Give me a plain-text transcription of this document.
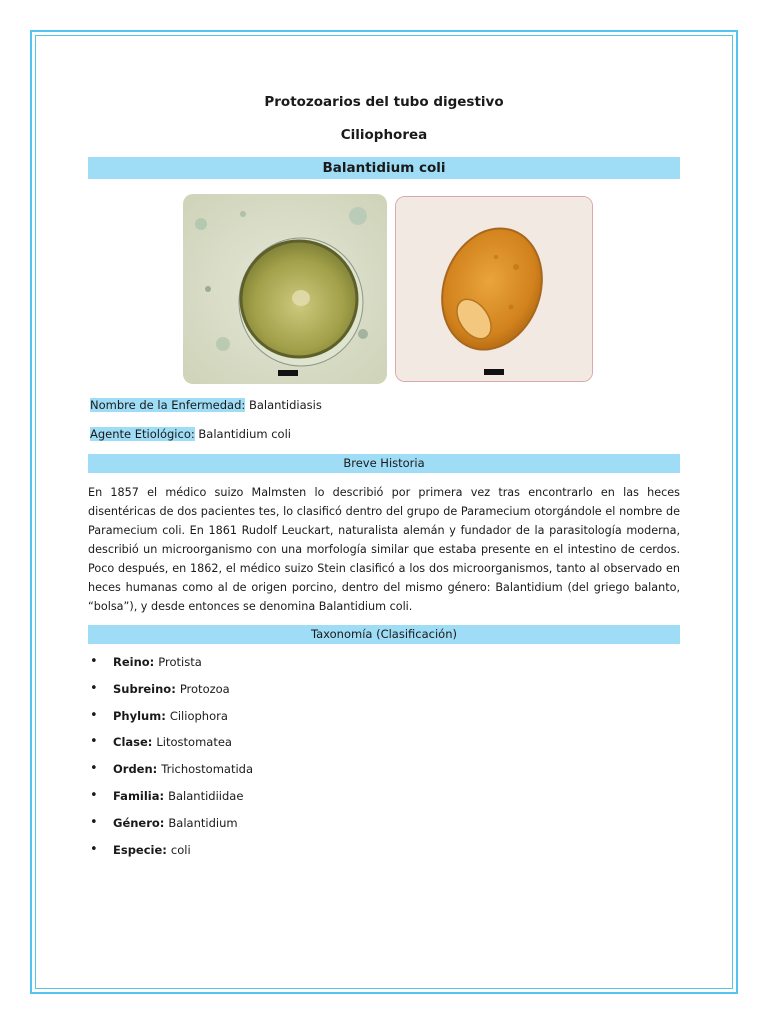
Protozoarios del tubo digestivo
Ciliophorea
Balantidium coli
Nombre de la Enfermedad: Balantidiasis
Agente Etiológico: Balantidium coli
Breve Historia

En 1857 el médico suizo Malmsten lo describió por primera vez tras encontrarlo en las heces disentéricas de dos pacientes tes, lo clasificó dentro del grupo de Paramecium otorgándole el nombre de Paramecium coli. En 1861 Rudolf Leuckart, naturalista alemán y fundador de la parasitología moderna, describió un microorganismo con una morfología similar que estaba presente en el intestino de cerdos. Poco después, en 1862, el médico suizo Stein clasificó a los dos microorganismos, tanto al observado en heces humanas como al de origen porcino, dentro del mismo género: Balantidium (del griego balanto, “bolsa”), y desde entonces se denomina Balantidium coli.

Taxonomía (Clasificación)
•	Reino: Protista
•	Subreino: Protozoa
•	Phylum: Ciliophora
•	Clase: Litostomatea
•	Orden: Trichostomatida
•	Familia: Balantidiidae
•	Género: Balantidium
•	Especie: coli
